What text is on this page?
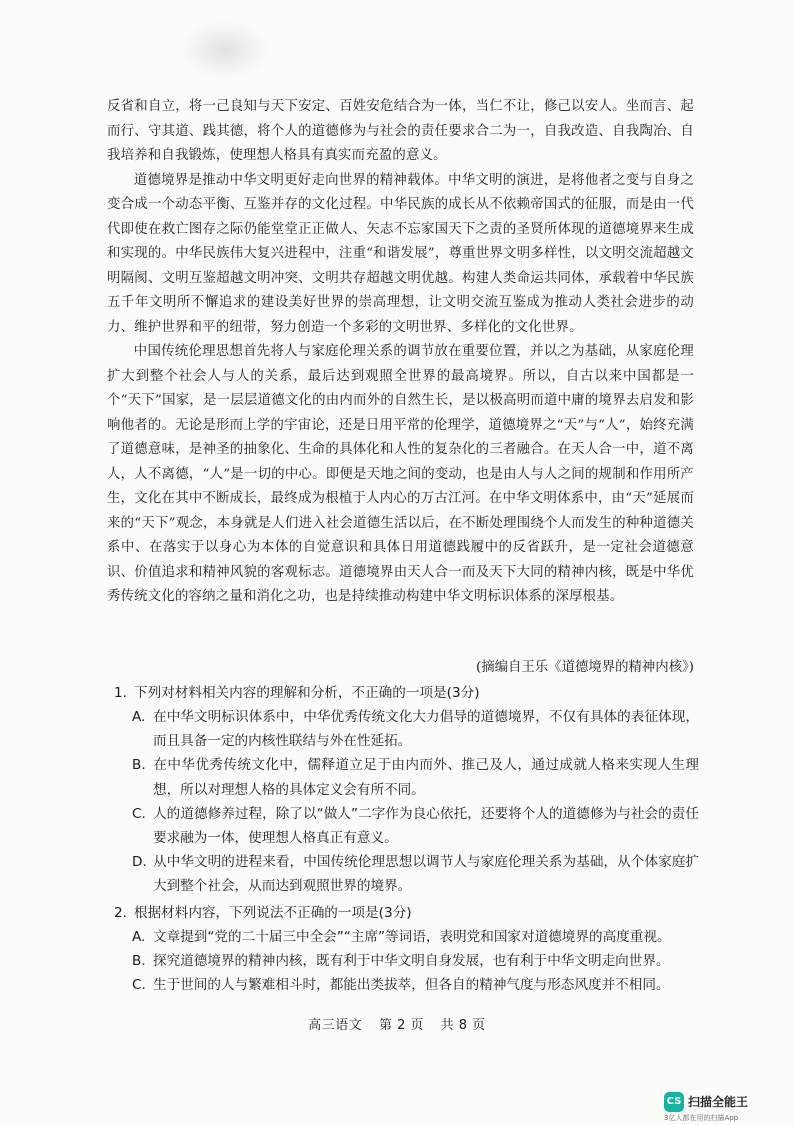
反省和自立，将一己良知与天下安定、百姓安危结合为一体，当仁不让，修己以安人。坐而言、起而行、守其道、践其德，将个人的道德修为与社会的责任要求合二为一，自我改造、自我陶冶、自我培养和自我锻炼，使理想人格具有真实而充盈的意义。

道德境界是推动中华文明更好走向世界的精神载体。中华文明的演进，是将他者之变与自身之变合成一个动态平衡、互鉴并存的文化过程。中华民族的成长从不依赖帝国式的征服，而是由一代代即使在救亡图存之际仍能堂堂正正做人、矢志不忘家国天下之责的圣贤所体现的道德境界来生成和实现的。中华民族伟大复兴进程中，注重“和谐发展”，尊重世界文明多样性，以文明交流超越文明隔阂、文明互鉴超越文明冲突、文明共存超越文明优越。构建人类命运共同体，承载着中华民族五千年文明所不懈追求的建设美好世界的崇高理想，让文明交流互鉴成为推动人类社会进步的动力、维护世界和平的纽带，努力创造一个多彩的文明世界、多样化的文化世界。

中国传统伦理思想首先将人与家庭伦理关系的调节放在重要位置，并以之为基础，从家庭伦理扩大到整个社会人与人的关系，最后达到观照全世界的最高境界。所以，自古以来中国都是一个“天下”国家，是一层层道德文化的由内而外的自然生长，是以极高明而道中庸的境界去启发和影响他者的。无论是形而上学的宇宙论，还是日用平常的伦理学，道德境界之“天”与“人”，始终充满了道德意味，是神圣的抽象化、生命的具体化和人性的复杂化的三者融合。在天人合一中，道不离人，人不离德，“人”是一切的中心。即便是天地之间的变动，也是由人与人之间的规制和作用所产生，文化在其中不断成长，最终成为根植于人内心的万古江河。在中华文明体系中，由“天”延展而来的“天下”观念，本身就是人们进入社会道德生活以后，在不断处理围绕个人而发生的种种道德关系中、在落实于以身心为本体的自觉意识和具体日用道德践履中的反省跃升，是一定社会道德意识、价值追求和精神风貌的客观标志。道德境界由天人合一而及天下大同的精神内核，既是中华优秀传统文化的容纳之量和消化之功，也是持续推动构建中华文明标识体系的深厚根基。

(摘编自王乐《道德境界的精神内核》)

1. 下列对材料相关内容的理解和分析，不正确的一项是(3分)

A. 在中华文明标识体系中，中华优秀传统文化大力倡导的道德境界，不仅有具体的表征体现，而且具备一定的内核性联结与外在性延拓。
B. 在中华优秀传统文化中，儒释道立足于由内而外、推己及人，通过成就人格来实现人生理想，所以对理想人格的具体定义会有所不同。
C. 人的道德修养过程，除了以“做人”二字作为良心依托，还要将个人的道德修为与社会的责任要求融为一体，使理想人格真正有意义。
D. 从中华文明的进程来看，中国传统伦理思想以调节人与家庭伦理关系为基础，从个体家庭扩大到整个社会，从而达到观照世界的境界。

2. 根据材料内容，下列说法不正确的一项是(3分)

A. 文章提到“党的二十届三中全会”“主席”等词语，表明党和国家对道德境界的高度重视。
B. 探究道德境界的精神内核，既有利于中华文明自身发展，也有利于中华文明走向世界。
C. 生于世间的人与繁难相斗时，都能出类拔萃，但各自的精神气度与形态风度并不相同。
高三语文 第 2 页 共 8 页
CS 扫描全能王
3亿人都在用的扫描App
